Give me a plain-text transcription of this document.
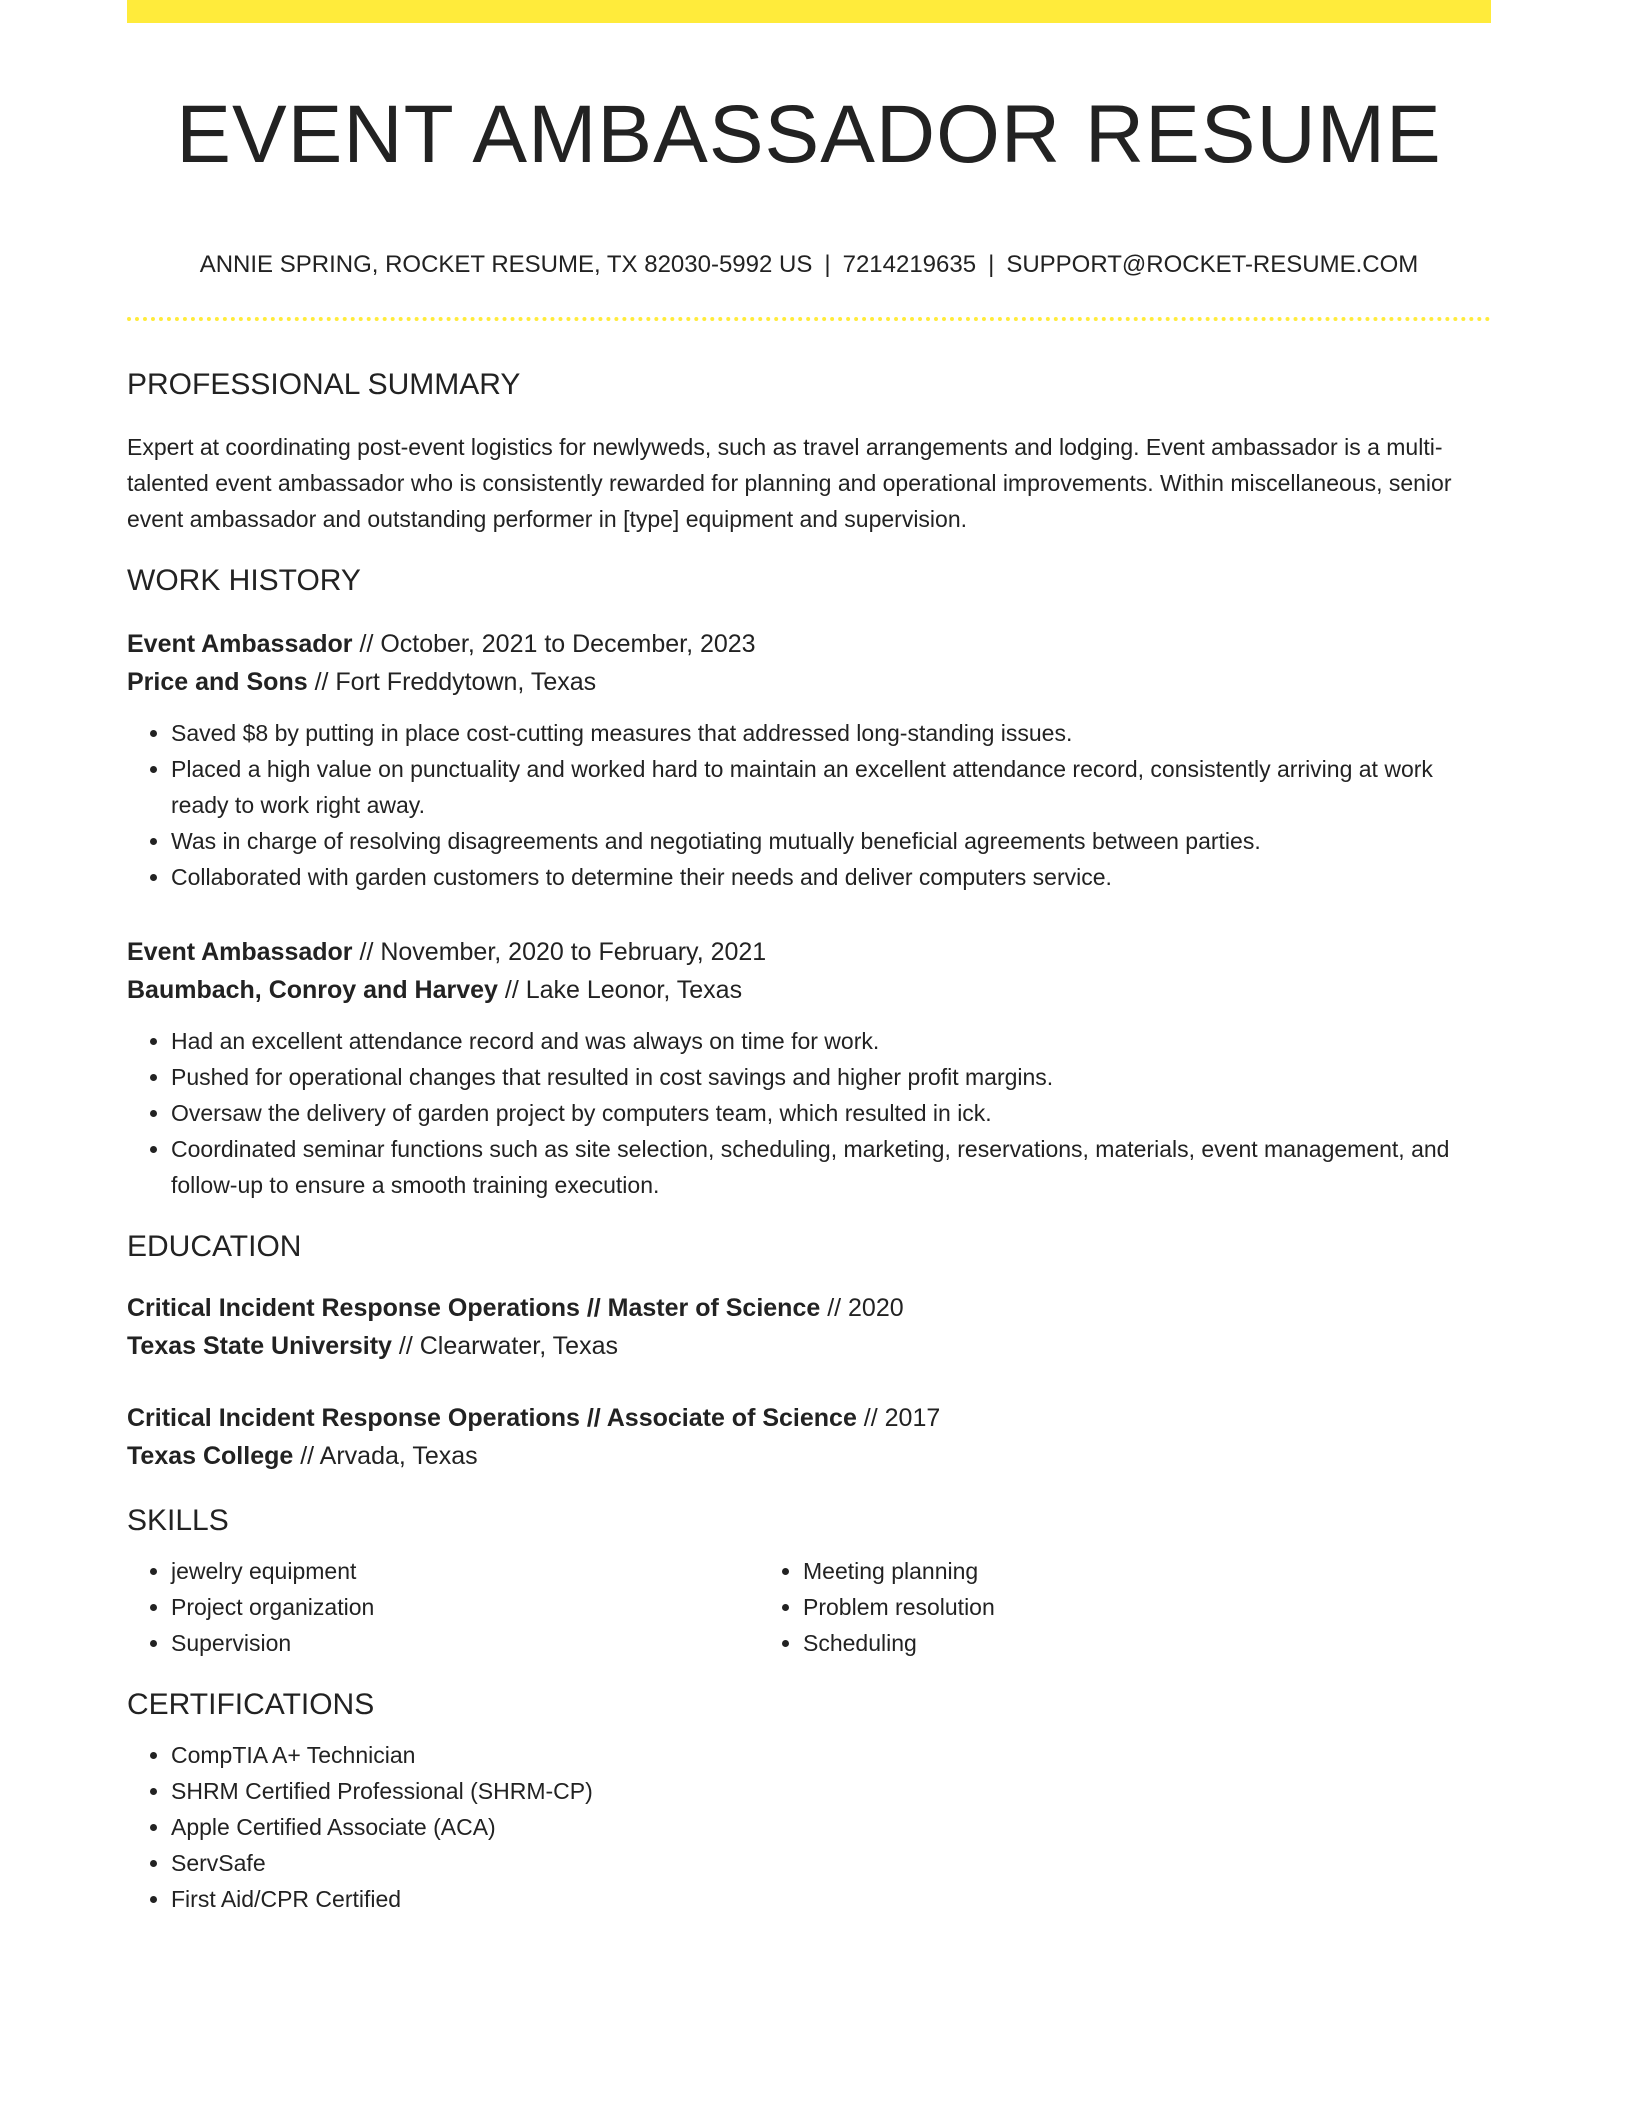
EVENT AMBASSADOR RESUME
ANNIE SPRING, ROCKET RESUME, TX 82030-5992 US | 7214219635 | SUPPORT@ROCKET-RESUME.COM
PROFESSIONAL SUMMARY

Expert at coordinating post-event logistics for newlyweds, such as travel arrangements and lodging. Event ambassador is a multi-talented event ambassador who is consistently rewarded for planning and operational improvements. Within miscellaneous, senior event ambassador and outstanding performer in [type] equipment and supervision.

WORK HISTORY
Event Ambassador // October, 2021 to December, 2023
Price and Sons // Fort Freddytown, Texas
• Saved $8 by putting in place cost-cutting measures that addressed long-standing issues.
• Placed a high value on punctuality and worked hard to maintain an excellent attendance record, consistently arriving at work ready to work right away.
• Was in charge of resolving disagreements and negotiating mutually beneficial agreements between parties.
• Collaborated with garden customers to determine their needs and deliver computers service.
Event Ambassador // November, 2020 to February, 2021
Baumbach, Conroy and Harvey // Lake Leonor, Texas
• Had an excellent attendance record and was always on time for work.
• Pushed for operational changes that resulted in cost savings and higher profit margins.
• Oversaw the delivery of garden project by computers team, which resulted in ick.
• Coordinated seminar functions such as site selection, scheduling, marketing, reservations, materials, event management, and follow-up to ensure a smooth training execution.
EDUCATION
Critical Incident Response Operations // Master of Science // 2020
Texas State University // Clearwater, Texas
Critical Incident Response Operations // Associate of Science // 2017
Texas College // Arvada, Texas
SKILLS
• jewelry equipment
• Project organization
• Supervision
• Meeting planning
• Problem resolution
• Scheduling
CERTIFICATIONS
• CompTIA A+ Technician
• SHRM Certified Professional (SHRM-CP)
• Apple Certified Associate (ACA)
• ServSafe
• First Aid/CPR Certified
